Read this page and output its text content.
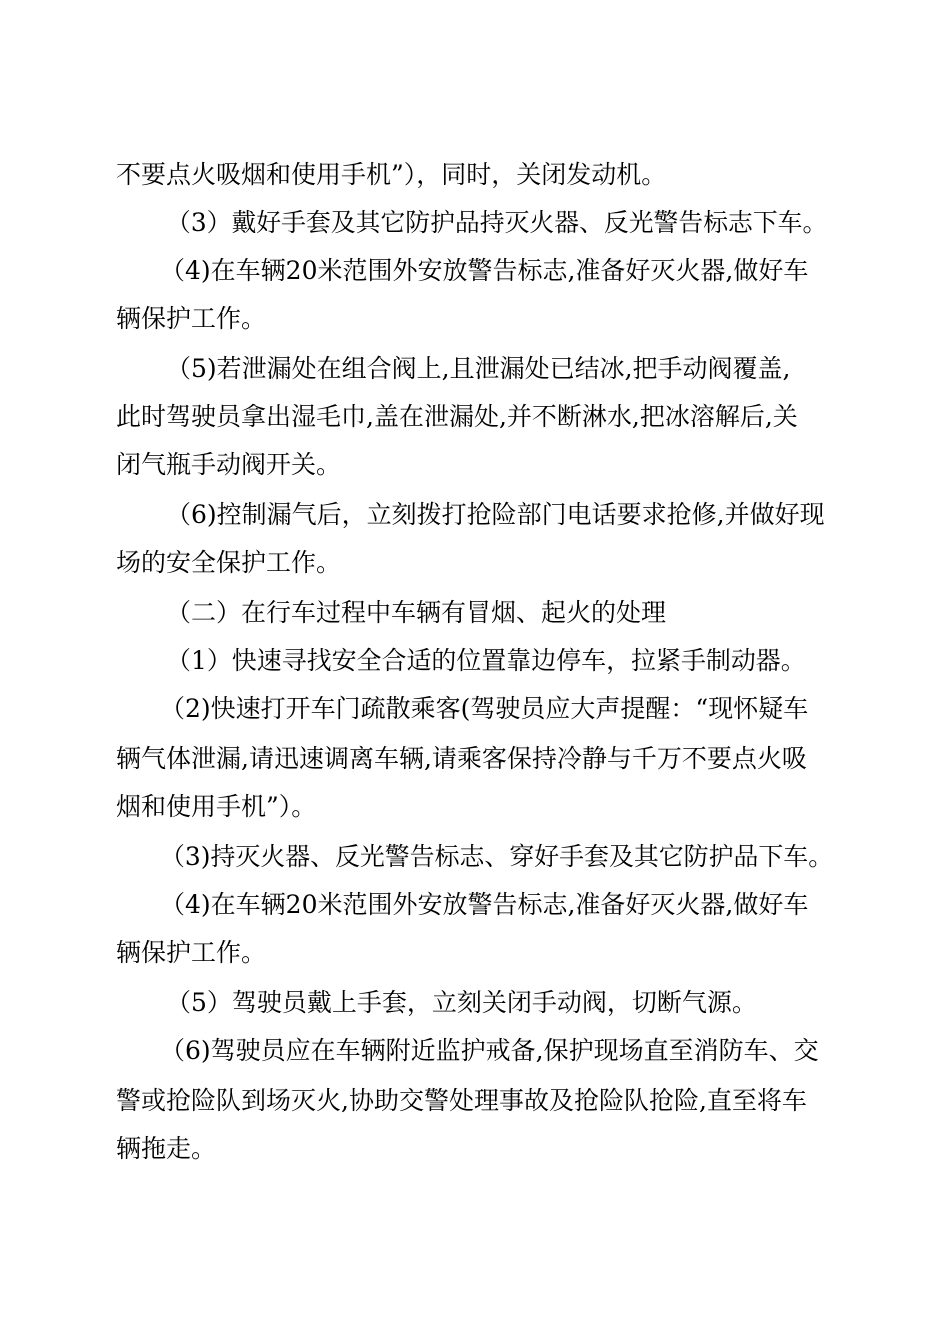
不要点火吸烟和使用手机”），同时，关闭发动机。
（3）戴好手套及其它防护品持灭火器、反光警告标志下车。
（4)在车辆20米范围外安放警告标志,准备好灭火器,做好车
辆保护工作。
（5)若泄漏处在组合阀上,且泄漏处已结冰,把手动阀覆盖,
此时驾驶员拿出湿毛巾,盖在泄漏处,并不断淋水,把冰溶解后,关
闭气瓶手动阀开关。
（6)控制漏气后，立刻拨打抢险部门电话要求抢修,并做好现
场的安全保护工作。
（二）在行车过程中车辆有冒烟、起火的处理
（1）快速寻找安全合适的位置靠边停车，拉紧手制动器。
（2)快速打开车门疏散乘客(驾驶员应大声提醒：“现怀疑车
辆气体泄漏,请迅速调离车辆,请乘客保持冷静与千万不要点火吸
烟和使用手机”）。
（3)持灭火器、反光警告标志、穿好手套及其它防护品下车。
（4)在车辆20米范围外安放警告标志,准备好灭火器,做好车
辆保护工作。
（5）驾驶员戴上手套，立刻关闭手动阀，切断气源。
（6)驾驶员应在车辆附近监护戒备,保护现场直至消防车、交
警或抢险队到场灭火,协助交警处理事故及抢险队抢险,直至将车
辆拖走。
